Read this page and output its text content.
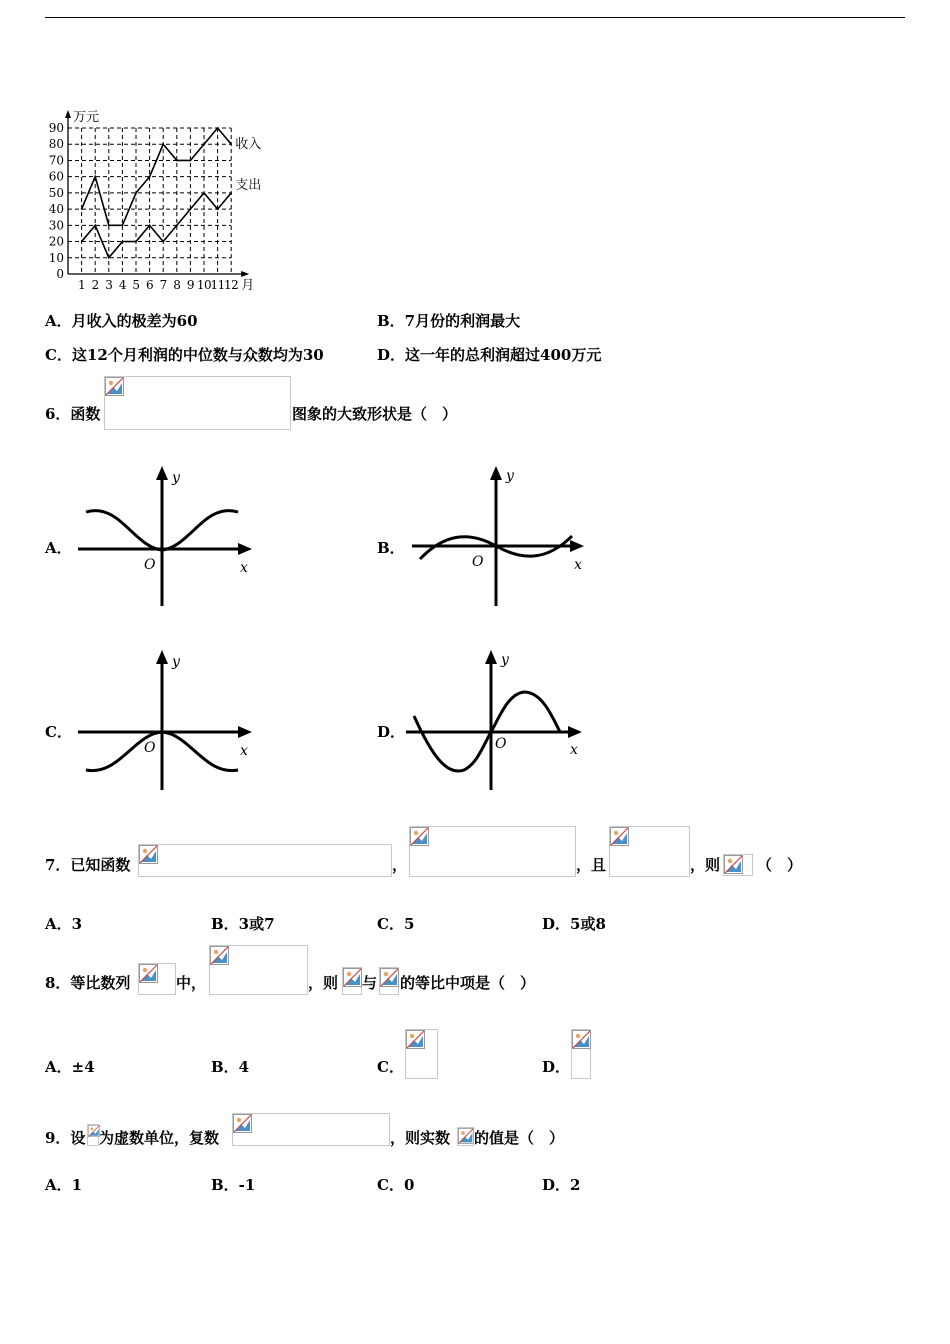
90
80
70
60
50
40
30
20
10
0
1 2 3 4 5 6 7 8 9 10 11 12
万元
月
收入
支出
A．月收入的极差为60	B．7月份的利润最大
C．这12个月利润的中位数与众数均为30	D．这一年的总利润超过400万元
6．函数	图象的大致形状是（　）
A．
y
x
O
B．
y
x
O
C．
y
x
O
D．
y
x
O
7．已知函数	，	，且	，则 （　）
A．3	B．3或7	C．5	D．5或8
8．等比数列	中，	，则 与 的等比中项是（　）
A．±4	B．4	C．	D．
9．设 为虚数单位，复数	，则实数 的值是（　）
A．1	B．-1	C．0	D．2
